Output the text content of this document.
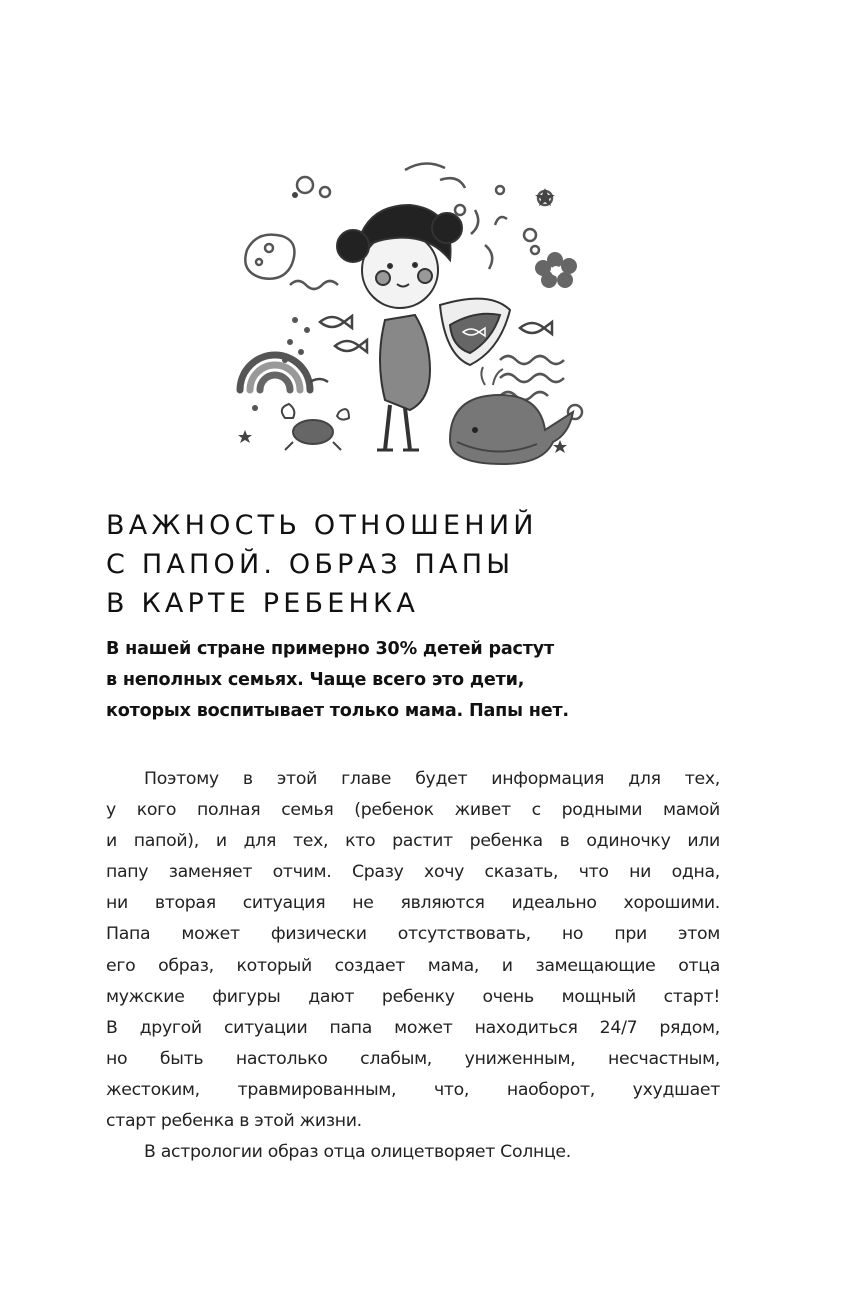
ВАЖНОСТЬ ОТНОШЕНИЙ
С ПАПОЙ. ОБРАЗ ПАПЫ
В КАРТЕ РЕБЕНКА

В нашей стране примерно 30% детей растут
в неполных семьях. Чаще всего это дети,
которых воспитывает только мама. Папы нет.

Поэтому в этой главе будет информация для тех,
у кого полная семья (ребенок живет с родными мамой
и папой), и для тех, кто растит ребенка в одиночку или
папу заменяет отчим. Сразу хочу сказать, что ни одна,
ни вторая ситуация не являются идеально хорошими.
Папа может физически отсутствовать, но при этом
его образ, который создает мама, и замещающие отца
мужские фигуры дают ребенку очень мощный старт!
В другой ситуации папа может находиться 24/7 рядом,
но быть настолько слабым, униженным, несчастным,
жестоким, травмированным, что, наоборот, ухудшает
старт ребенка в этой жизни.
В астрологии образ отца олицетворяет Солнце.
